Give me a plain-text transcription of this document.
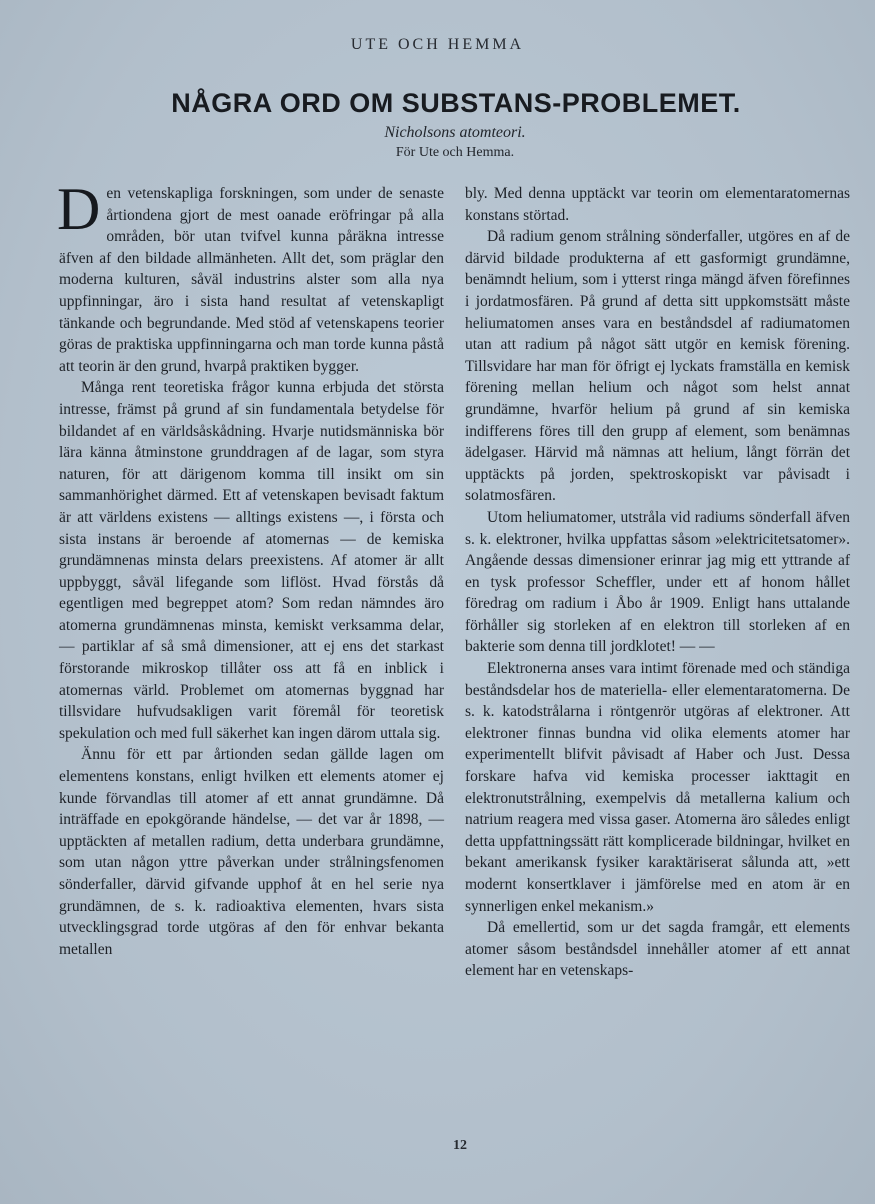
UTE OCH HEMMA
NÅGRA ORD OM SUBSTANS-PROBLEMET.
Nicholsons atomteori.
För Ute och Hemma.

Den vetenskapliga forskningen, som under de senaste årtiondena gjort de mest oanade eröfringar på alla områden, bör utan tvifvel kunna påräkna intresse äfven af den bildade allmänheten. Allt det, som präglar den moderna kulturen, såväl industrins alster som alla nya uppfinningar, äro i sista hand resultat af vetenskapligt tänkande och begrundande. Med stöd af vetenskapens teorier göras de praktiska uppfinningarna och man torde kunna påstå att teorin är den grund, hvarpå praktiken bygger.

Många rent teoretiska frågor kunna erbjuda det största intresse, främst på grund af sin fundamentala betydelse för bildandet af en världsåskådning. Hvarje nutidsmänniska bör lära känna åtminstone grunddragen af de lagar, som styra naturen, för att därigenom komma till insikt om sin sammanhörighet därmed. Ett af vetenskapen bevisadt faktum är att världens existens — alltings existens —, i första och sista instans är beroende af atomernas — de kemiska grundämnenas minsta delars preexistens. Af atomer är allt uppbyggt, såväl lifegande som liflöst. Hvad förstås då egentligen med begreppet atom? Som redan nämndes äro atomerna grundämnenas minsta, kemiskt verksamma delar, — partiklar af så små dimensioner, att ej ens det starkast förstorande mikroskop tillåter oss att få en inblick i atomernas värld. Problemet om atomernas byggnad har tillsvidare hufvudsakligen varit föremål för teoretisk spekulation och med full säkerhet kan ingen därom uttala sig.

Ännu för ett par årtionden sedan gällde lagen om elementens konstans, enligt hvilken ett elements atomer ej kunde förvandlas till atomer af ett annat grundämne. Då inträffade en epokgörande händelse, — det var år 1898, — upptäckten af metallen radium, detta underbara grundämne, som utan någon yttre påverkan under strålningsfenomen sönderfaller, därvid gifvande upphof åt en hel serie nya grundämnen, de s. k. radioaktiva elementen, hvars sista utvecklingsgrad torde utgöras af den för enhvar bekanta metallen

bly. Med denna upptäckt var teorin om elementaratomernas konstans störtad.

Då radium genom strålning sönderfaller, utgöres en af de därvid bildade produkterna af ett gasformigt grundämne, benämndt helium, som i ytterst ringa mängd äfven förefinnes i jordatmosfären. På grund af detta sitt uppkomstsätt måste heliumatomen anses vara en beståndsdel af radiumatomen utan att radium på något sätt utgör en kemisk förening. Tillsvidare har man för öfrigt ej lyckats framställa en kemisk förening mellan helium och något som helst annat grundämne, hvarför helium på grund af sin kemiska indifferens föres till den grupp af element, som benämnas ädelgaser. Härvid må nämnas att helium, långt förrän det upptäckts på jorden, spektroskopiskt var påvisadt i solatmosfären.

Utom heliumatomer, utstråla vid radiums sönderfall äfven s. k. elektroner, hvilka uppfattas såsom »elektricitetsatomer». Angående dessas dimensioner erinrar jag mig ett yttrande af en tysk professor Scheffler, under ett af honom hållet föredrag om radium i Åbo år 1909. Enligt hans uttalande förhåller sig storleken af en elektron till storleken af en bakterie som denna till jordklotet! — —

Elektronerna anses vara intimt förenade med och ständiga beståndsdelar hos de materiella- eller elementaratomerna. De s. k. katodstrålarna i röntgenrör utgöras af elektroner. Att elektroner finnas bundna vid olika elements atomer har experimentellt blifvit påvisadt af Haber och Just. Dessa forskare hafva vid kemiska processer iakttagit en elektronutstrålning, exempelvis då metallerna kalium och natrium reagera med vissa gaser. Atomerna äro således enligt detta uppfattningssätt rätt komplicerade bildningar, hvilket en bekant amerikansk fysiker karaktäriserat sålunda att, »ett modernt konsertklaver i jämförelse med en atom är en synnerligen enkel mekanism.»

Då emellertid, som ur det sagda framgår, ett elements atomer såsom beståndsdel innehåller atomer af ett annat element har en vetenskaps-

12
